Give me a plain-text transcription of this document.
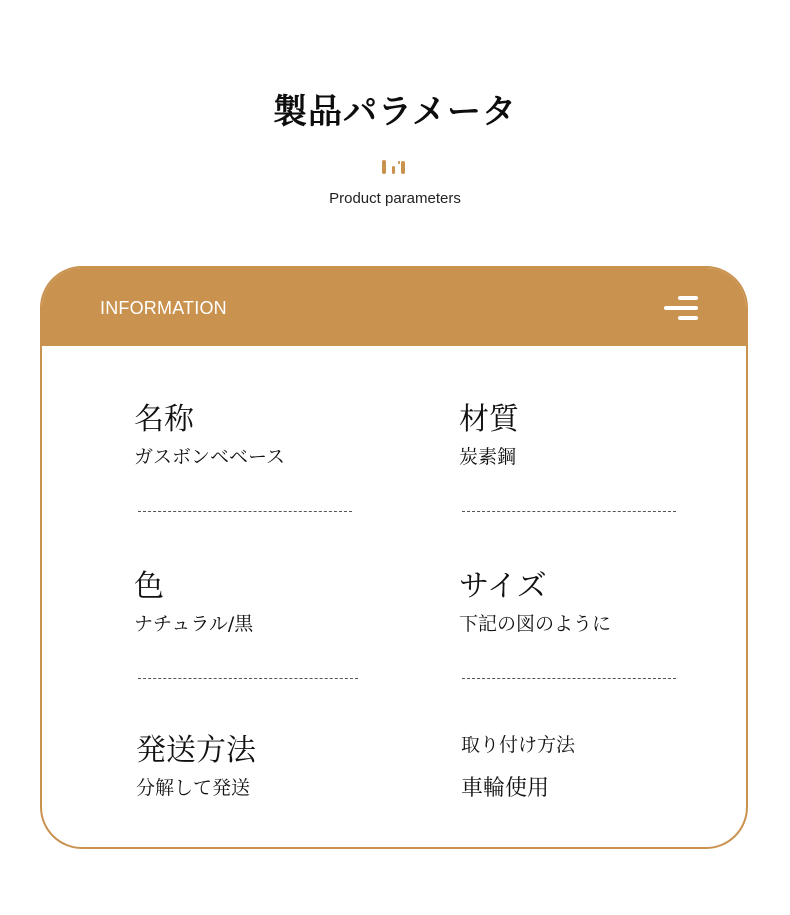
製品パラメータ
Product parameters
INFORMATION
名称
ガスボンベベース
材質
炭素鋼
色
ナチュラル/黒
サイズ
下記の図のように
発送方法
分解して発送
取り付け方法
車輪使用
